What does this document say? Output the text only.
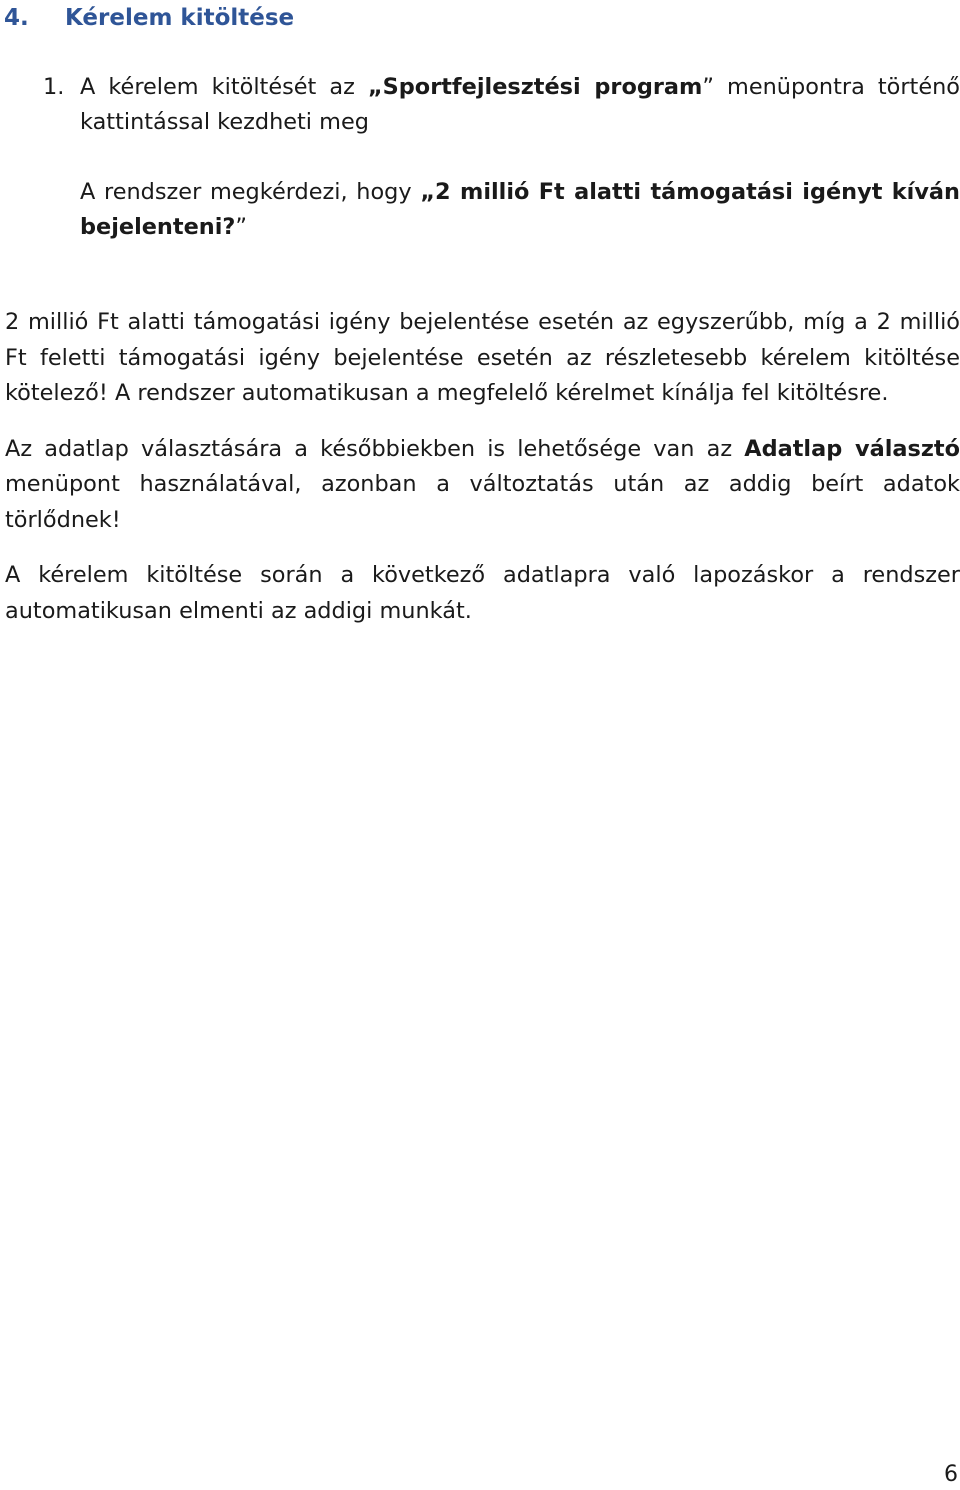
4. Kérelem kitöltése
1. A kérelem kitöltését az „Sportfejlesztési program” menüpontra történő kattintással kezdheti meg

A rendszer megkérdezi, hogy „2 millió Ft alatti támogatási igényt kíván bejelenteni?”

2 millió Ft alatti támogatási igény bejelentése esetén az egyszerűbb, míg a 2 millió Ft feletti támogatási igény bejelentése esetén az részletesebb kérelem kitöltése kötelező! A rendszer automatikusan a megfelelő kérelmet kínálja fel kitöltésre.

Az adatlap választására a későbbiekben is lehetősége van az Adatlap választó menüpont használatával, azonban a változtatás után az addig beírt adatok törlődnek!

A kérelem kitöltése során a következő adatlapra való lapozáskor a rendszer automatikusan elmenti az addigi munkát.

6
